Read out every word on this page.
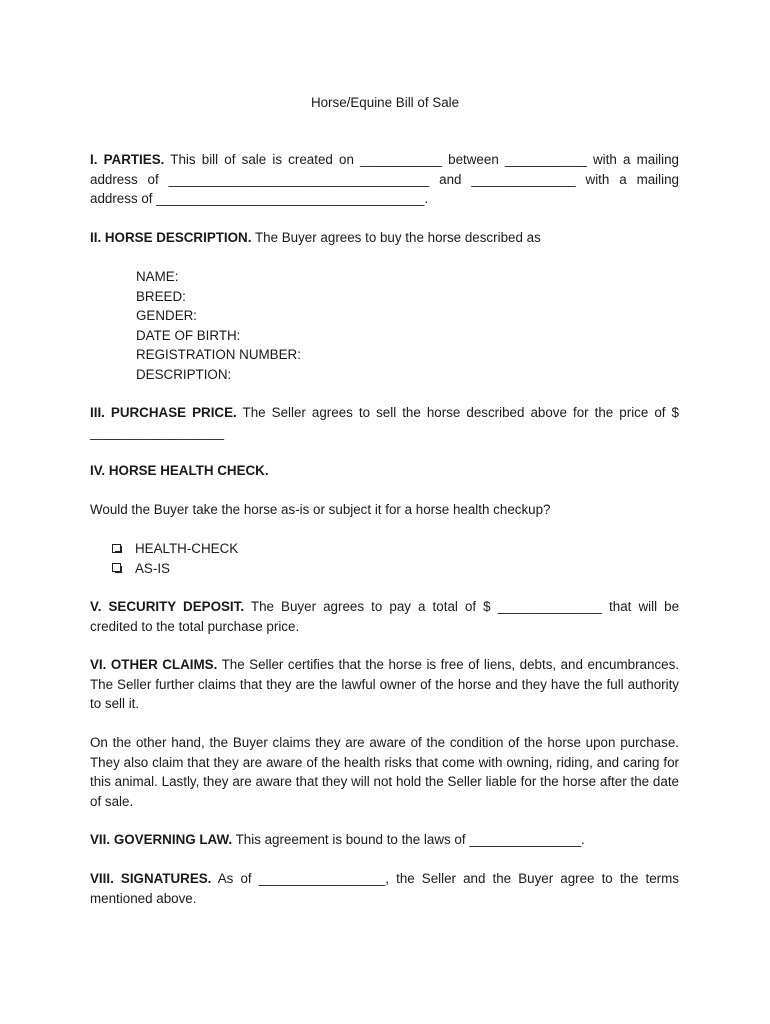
Horse/Equine Bill of Sale

I. PARTIES. This bill of sale is created on ___________ between ___________ with a mailing address of ___________________________________ and ______________ with a mailing address of ____________________________________.

II. HORSE DESCRIPTION. The Buyer agrees to buy the horse described as

NAME:
BREED:
GENDER:
DATE OF BIRTH:
REGISTRATION NUMBER:
DESCRIPTION:

III. PURCHASE PRICE. The Seller agrees to sell the horse described above for the price of $ __________________

IV. HORSE HEALTH CHECK.

Would the Buyer take the horse as-is or subject it for a horse health checkup?

HEALTH-CHECK
AS-IS

V. SECURITY DEPOSIT. The Buyer agrees to pay a total of $ ______________ that will be credited to the total purchase price.

VI. OTHER CLAIMS. The Seller certifies that the horse is free of liens, debts, and encumbrances. The Seller further claims that they are the lawful owner of the horse and they have the full authority to sell it.

On the other hand, the Buyer claims they are aware of the condition of the horse upon purchase. They also claim that they are aware of the health risks that come with owning, riding, and caring for this animal. Lastly, they are aware that they will not hold the Seller liable for the horse after the date of sale.

VII. GOVERNING LAW. This agreement is bound to the laws of _______________.

VIII. SIGNATURES. As of _________________, the Seller and the Buyer agree to the terms mentioned above.
